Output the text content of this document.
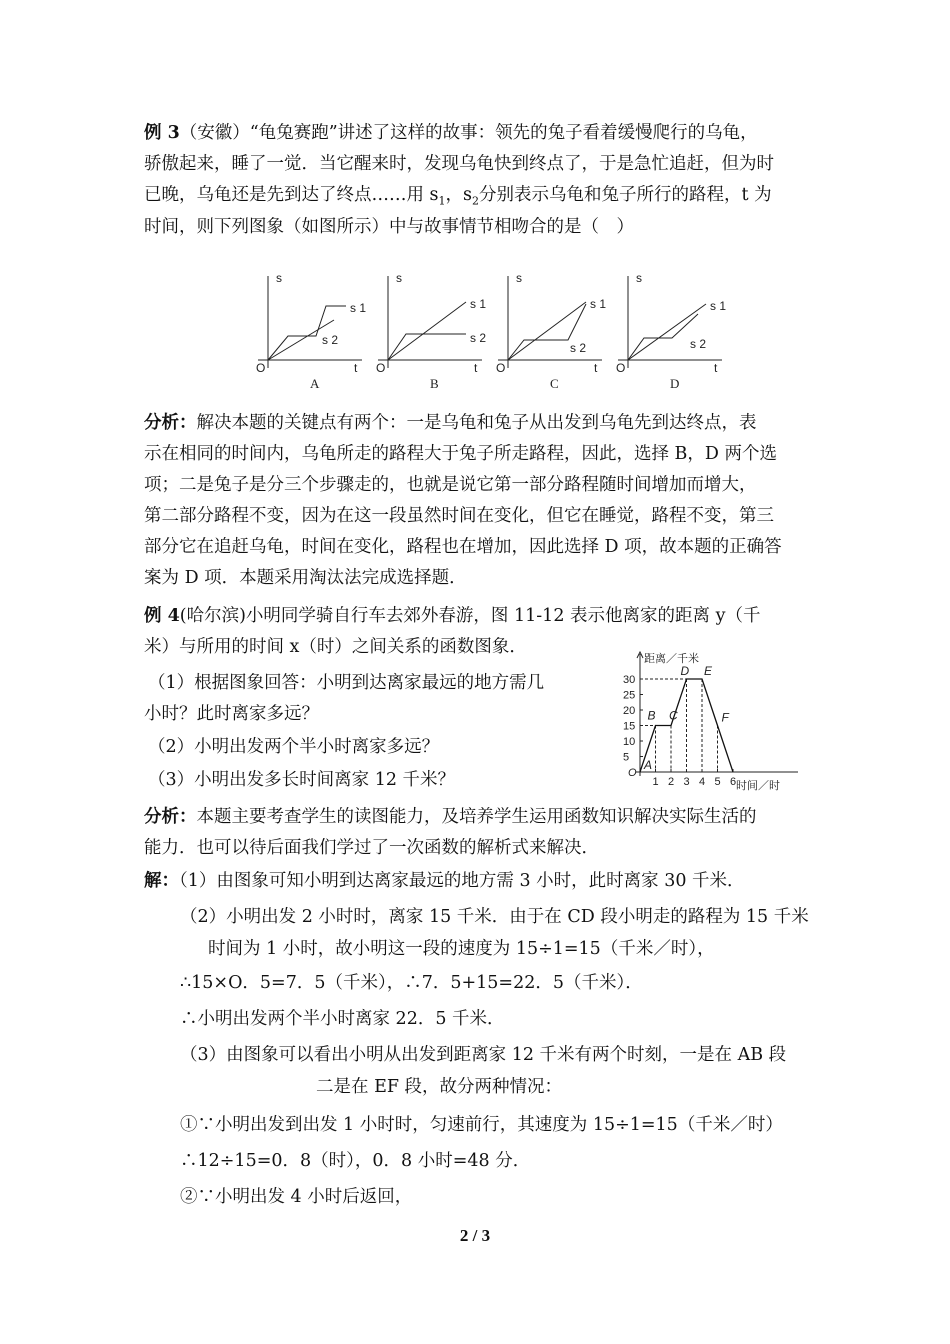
例 3（安徽）“龟兔赛跑”讲述了这样的故事：领先的兔子看着缓慢爬行的乌龟，
骄傲起来，睡了一觉．当它醒来时，发现乌龟快到终点了，于是急忙追赶，但为时
已晚，乌龟还是先到达了终点……用 $s_1$，$s_2$分别表示乌龟和兔子所行的路程，t 为
时间，则下列图象（如图所示）中与故事情节相吻合的是（　）
s
t
O
s 1
s 2
A
s
t
O
s 1
s 2
B
s
t
O
s 1
s 2
C
s
t
O
s 1
s 2
D
分析：解决本题的关键点有两个：一是乌龟和兔子从出发到乌龟先到达终点，表
示在相同的时间内，乌龟所走的路程大于兔子所走路程，因此，选择 B，D 两个选
项；二是兔子是分三个步骤走的，也就是说它第一部分路程随时间增加而增大，
第二部分路程不变，因为在这一段虽然时间在变化，但它在睡觉，路程不变，第三
部分它在追赶乌龟，时间在变化，路程也在增加，因此选择 D 项，故本题的正确答
案为 D 项．本题采用淘汰法完成选择题．
例 4(哈尔滨)小明同学骑自行车去郊外春游，图 11-12 表示他离家的距离 y（千
米）与所用的时间 x（时）之间关系的函数图象．
（1）根据图象回答：小明到达离家最远的地方需几
小时？此时离家多远？
（2）小明出发两个半小时离家多远？
（3）小明出发多长时间离家 12 千米？
距离／千米
时间／时
O
5
10
15
20
25
30
1 2 3 4 5 6
A
B C
D E
F
分析：本题主要考查学生的读图能力，及培养学生运用函数知识解决实际生活的
能力．也可以待后面我们学过了一次函数的解析式来解决．
解：（1）由图象可知小明到达离家最远的地方需 3 小时，此时离家 30 千米．
（2）小明出发 2 小时时，离家 15 千米．由于在 CD 段小明走的路程为 15 千米
时间为 1 小时，故小明这一段的速度为 15÷1=15（千米／时），
∴15×O．5=7．5（千米），∴7．5+15=22．5（千米）．
∴小明出发两个半小时离家 22．5 千米．
（3）由图象可以看出小明从出发到距离家 12 千米有两个时刻，一是在 AB 段
二是在 EF 段，故分两种情况：
①∵小明出发到出发 1 小时时，匀速前行，其速度为 15÷1=15（千米／时）
∴12÷15=0．8（时），0．8 小时=48 分．
②∵小明出发 4 小时后返回，
2 / 3
